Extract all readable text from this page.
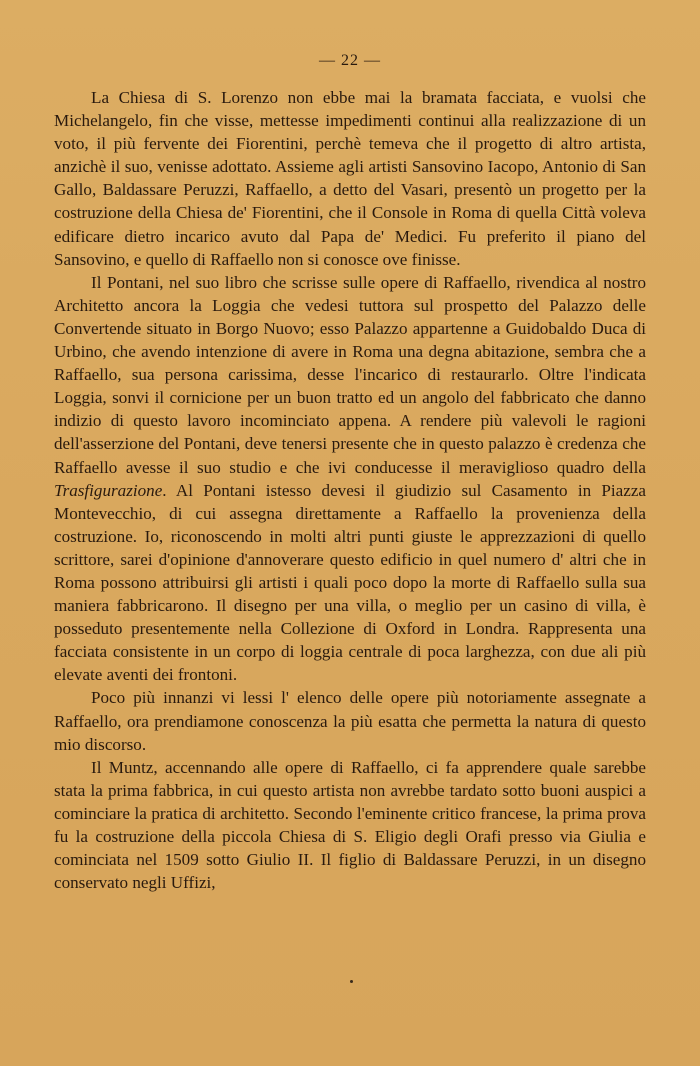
— 22 —

La Chiesa di S. Lorenzo non ebbe mai la bramata facciata, e vuolsi che Michelangelo, fin che visse, mettesse impedimenti continui alla realizzazione di un voto, il più fervente dei Fiorentini, perchè temeva che il progetto di altro artista, anzichè il suo, venisse adottato. Assieme agli artisti Sansovino Iacopo, Antonio di San Gallo, Baldassare Peruzzi, Raffaello, a detto del Vasari, presentò un progetto per la costruzione della Chiesa de' Fiorentini, che il Console in Roma di quella Città voleva edificare dietro incarico avuto dal Papa de' Medici. Fu preferito il piano del Sansovino, e quello di Raffaello non si conosce ove finisse.

Il Pontani, nel suo libro che scrisse sulle opere di Raffaello, rivendica al nostro Architetto ancora la Loggia che vedesi tuttora sul prospetto del Palazzo delle Convertende situato in Borgo Nuovo; esso Palazzo appartenne a Guidobaldo Duca di Urbino, che avendo intenzione di avere in Roma una degna abitazione, sembra che a Raffaello, sua persona carissima, desse l'incarico di restaurarlo. Oltre l'indicata Loggia, sonvi il cornicione per un buon tratto ed un angolo del fabbricato che danno indizio di questo lavoro incominciato appena. A rendere più valevoli le ragioni dell'asserzione del Pontani, deve tenersi presente che in questo palazzo è credenza che Raffaello avesse il suo studio e che ivi conducesse il meraviglioso quadro della Trasfigurazione. Al Pontani istesso devesi il giudizio sul Casamento in Piazza Montevecchio, di cui assegna direttamente a Raffaello la provenienza della costruzione. Io, riconoscendo in molti altri punti giuste le apprezzazioni di quello scrittore, sarei d'opinione d'annoverare questo edificio in quel numero d' altri che in Roma possono attribuirsi gli artisti i quali poco dopo la morte di Raffaello sulla sua maniera fabbricarono. Il disegno per una villa, o meglio per un casino di villa, è posseduto presentemente nella Collezione di Oxford in Londra. Rappresenta una facciata consistente in un corpo di loggia centrale di poca larghezza, con due ali più elevate aventi dei frontoni.

Poco più innanzi vi lessi l' elenco delle opere più notoriamente assegnate a Raffaello, ora prendiamone conoscenza la più esatta che permetta la natura di questo mio discorso.

Il Muntz, accennando alle opere di Raffaello, ci fa apprendere quale sarebbe stata la prima fabbrica, in cui questo artista non avrebbe tardato sotto buoni auspici a cominciare la pratica di architetto. Secondo l'eminente critico francese, la prima prova fu la costruzione della piccola Chiesa di S. Eligio degli Orafi presso via Giulia e cominciata nel 1509 sotto Giulio II. Il figlio di Baldassare Peruzzi, in un disegno conservato negli Uffizi,
